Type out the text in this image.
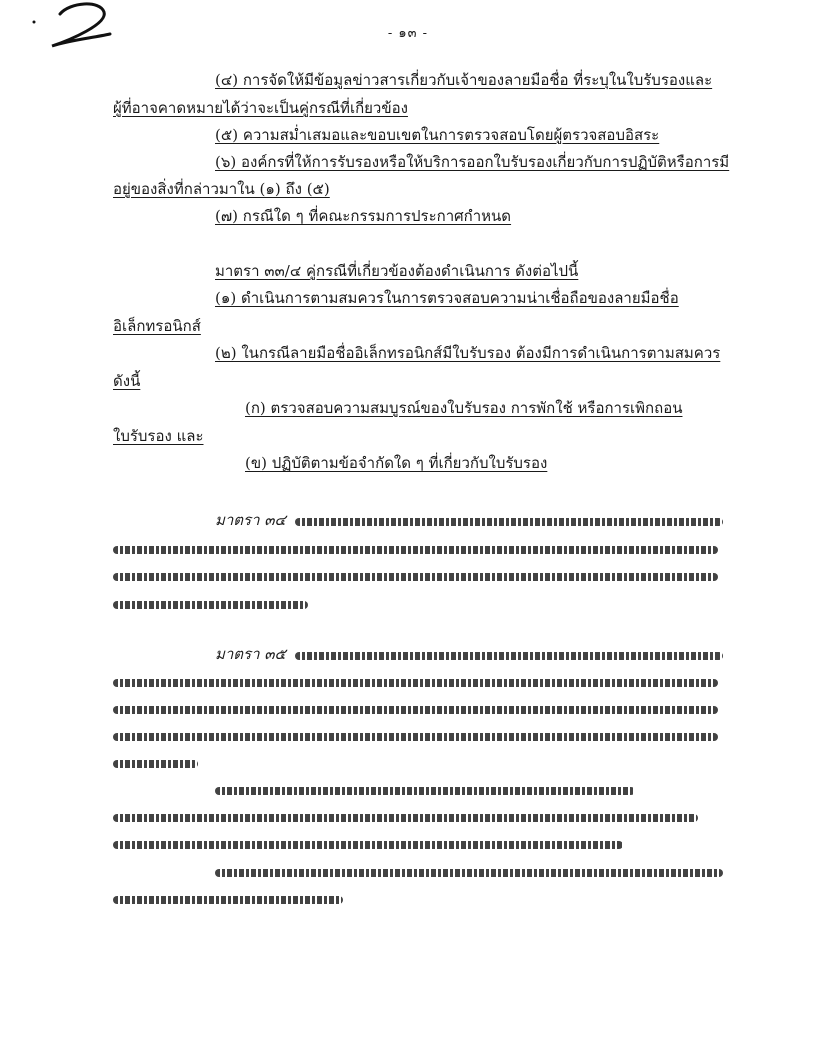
- ๑๓ -
(๔) การจัดให้มีข้อมูลข่าวสารเกี่ยวกับเจ้าของลายมือชื่อ ที่ระบุในใบรับรองและ
ผู้ที่อาจคาดหมายได้ว่าจะเป็นคู่กรณีที่เกี่ยวข้อง
(๕) ความสม่ำเสมอและขอบเขตในการตรวจสอบโดยผู้ตรวจสอบอิสระ
(๖) องค์กรที่ให้การรับรองหรือให้บริการออกใบรับรองเกี่ยวกับการปฏิบัติหรือการมี
อยู่ของสิ่งที่กล่าวมาใน (๑) ถึง (๕)
(๗) กรณีใด ๆ ที่คณะกรรมการประกาศกำหนด
มาตรา ๓๓/๔ คู่กรณีที่เกี่ยวข้องต้องดำเนินการ ดังต่อไปนี้
(๑) ดำเนินการตามสมควรในการตรวจสอบความน่าเชื่อถือของลายมือชื่อ
อิเล็กทรอนิกส์
(๒) ในกรณีลายมือชื่ออิเล็กทรอนิกส์มีใบรับรอง ต้องมีการดำเนินการตามสมควร
ดังนี้
(ก) ตรวจสอบความสมบูรณ์ของใบรับรอง การพักใช้ หรือการเพิกถอน
ใบรับรอง และ
(ข) ปฏิบัติตามข้อจำกัดใด ๆ ที่เกี่ยวกับใบรับรอง
มาตรา ๓๔
มาตรา ๓๕
